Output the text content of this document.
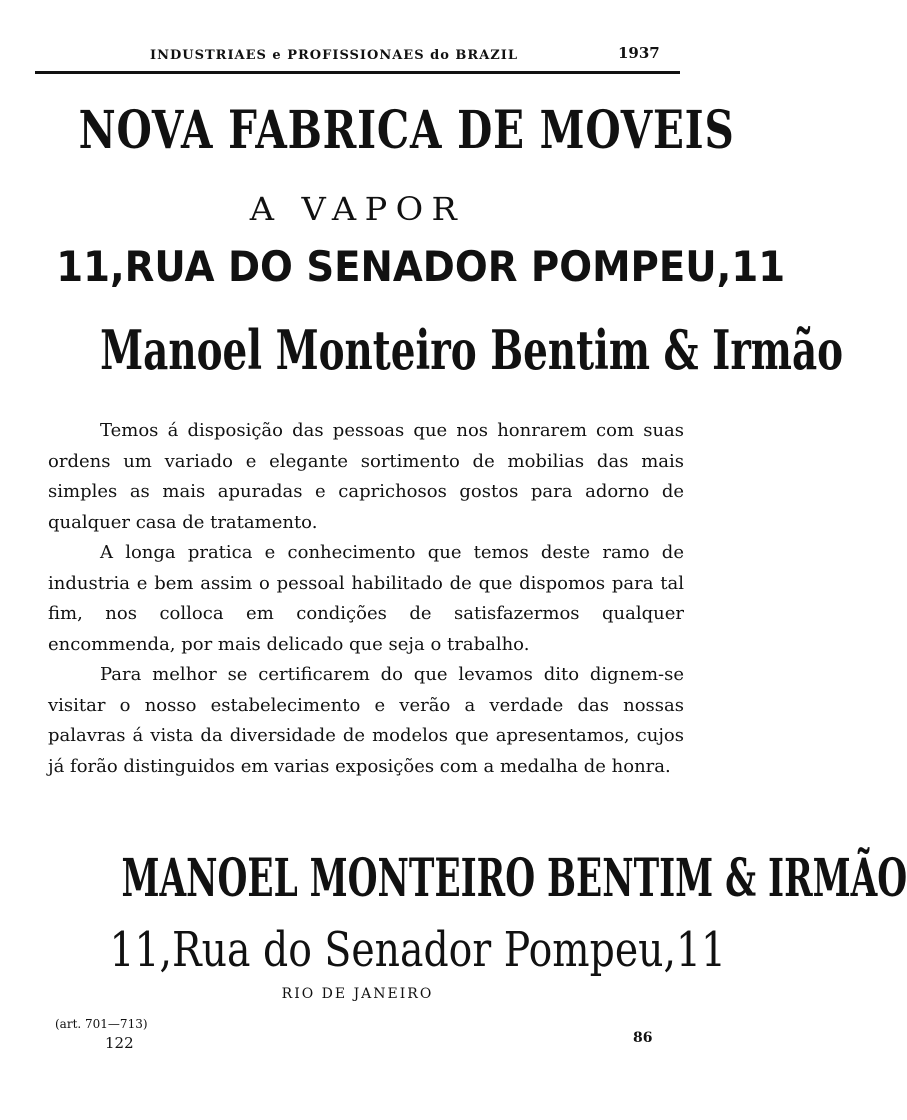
INDUSTRIAES e PROFISSIONAES do BRAZIL	1937
NOVA FABRICA DE MOVEIS
A VAPOR
11, RUA DO SENADOR POMPEU, 11
Manoel Monteiro Bentim & Irmão

Temos á disposição das pessoas que nos honrarem com suas ordens um variado e elegante sortimento de mobilias das mais simples as mais apuradas e caprichosos gostos para adorno de qualquer casa de tratamento.

A longa pratica e conhecimento que temos deste ramo de industria e bem assim o pessoal habilitado de que dispomos para tal fim, nos colloca em condições de satisfazermos qualquer encommenda, por mais delicado que seja o trabalho.

Para melhor se certificarem do que levamos dito dignem-se visitar o nosso estabelecimento e verão a verdade das nossas palavras á vista da diversidade de modelos que apresentamos, cujos já forão distinguidos em varias exposições com a medalha de honra.

MANOEL MONTEIRO BENTIM & IRMÃO
11, Rua do Senador Pompeu, 11
RIO DE JANEIRO
(art. 701—713)
122	86
